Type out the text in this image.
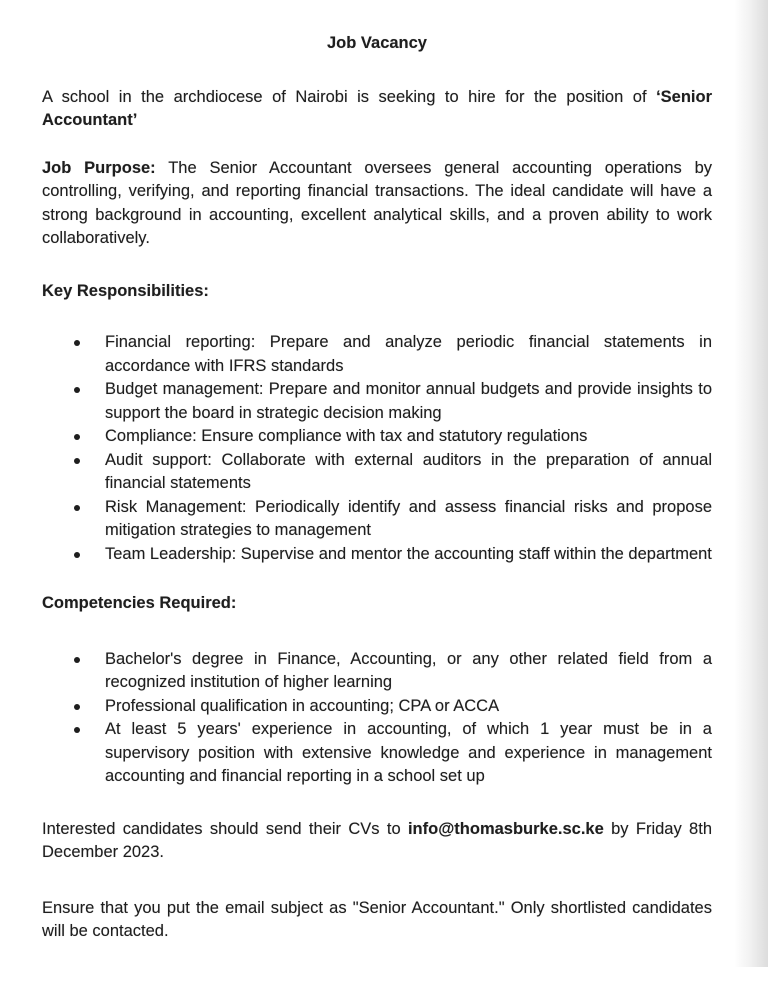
Job Vacancy

A school in the archdiocese of Nairobi is seeking to hire for the position of ‘Senior Accountant’

Job Purpose: The Senior Accountant oversees general accounting operations by controlling, verifying, and reporting financial transactions. The ideal candidate will have a strong background in accounting, excellent analytical skills, and a proven ability to work collaboratively.

Key Responsibilities:
Financial reporting: Prepare and analyze periodic financial statements in accordance with IFRS standards
Budget management: Prepare and monitor annual budgets and provide insights to support the board in strategic decision making
Compliance: Ensure compliance with tax and statutory regulations
Audit support: Collaborate with external auditors in the preparation of annual financial statements
Risk Management: Periodically identify and assess financial risks and propose mitigation strategies to management
Team Leadership: Supervise and mentor the accounting staff within the department
Competencies Required:
Bachelor's degree in Finance, Accounting, or any other related field from a recognized institution of higher learning
Professional qualification in accounting; CPA or ACCA
At least 5 years' experience in accounting, of which 1 year must be in a supervisory position with extensive knowledge and experience in management accounting and financial reporting in a school set up

Interested candidates should send their CVs to info@thomasburke.sc.ke by Friday 8th December 2023.

Ensure that you put the email subject as "Senior Accountant." Only shortlisted candidates will be contacted.
